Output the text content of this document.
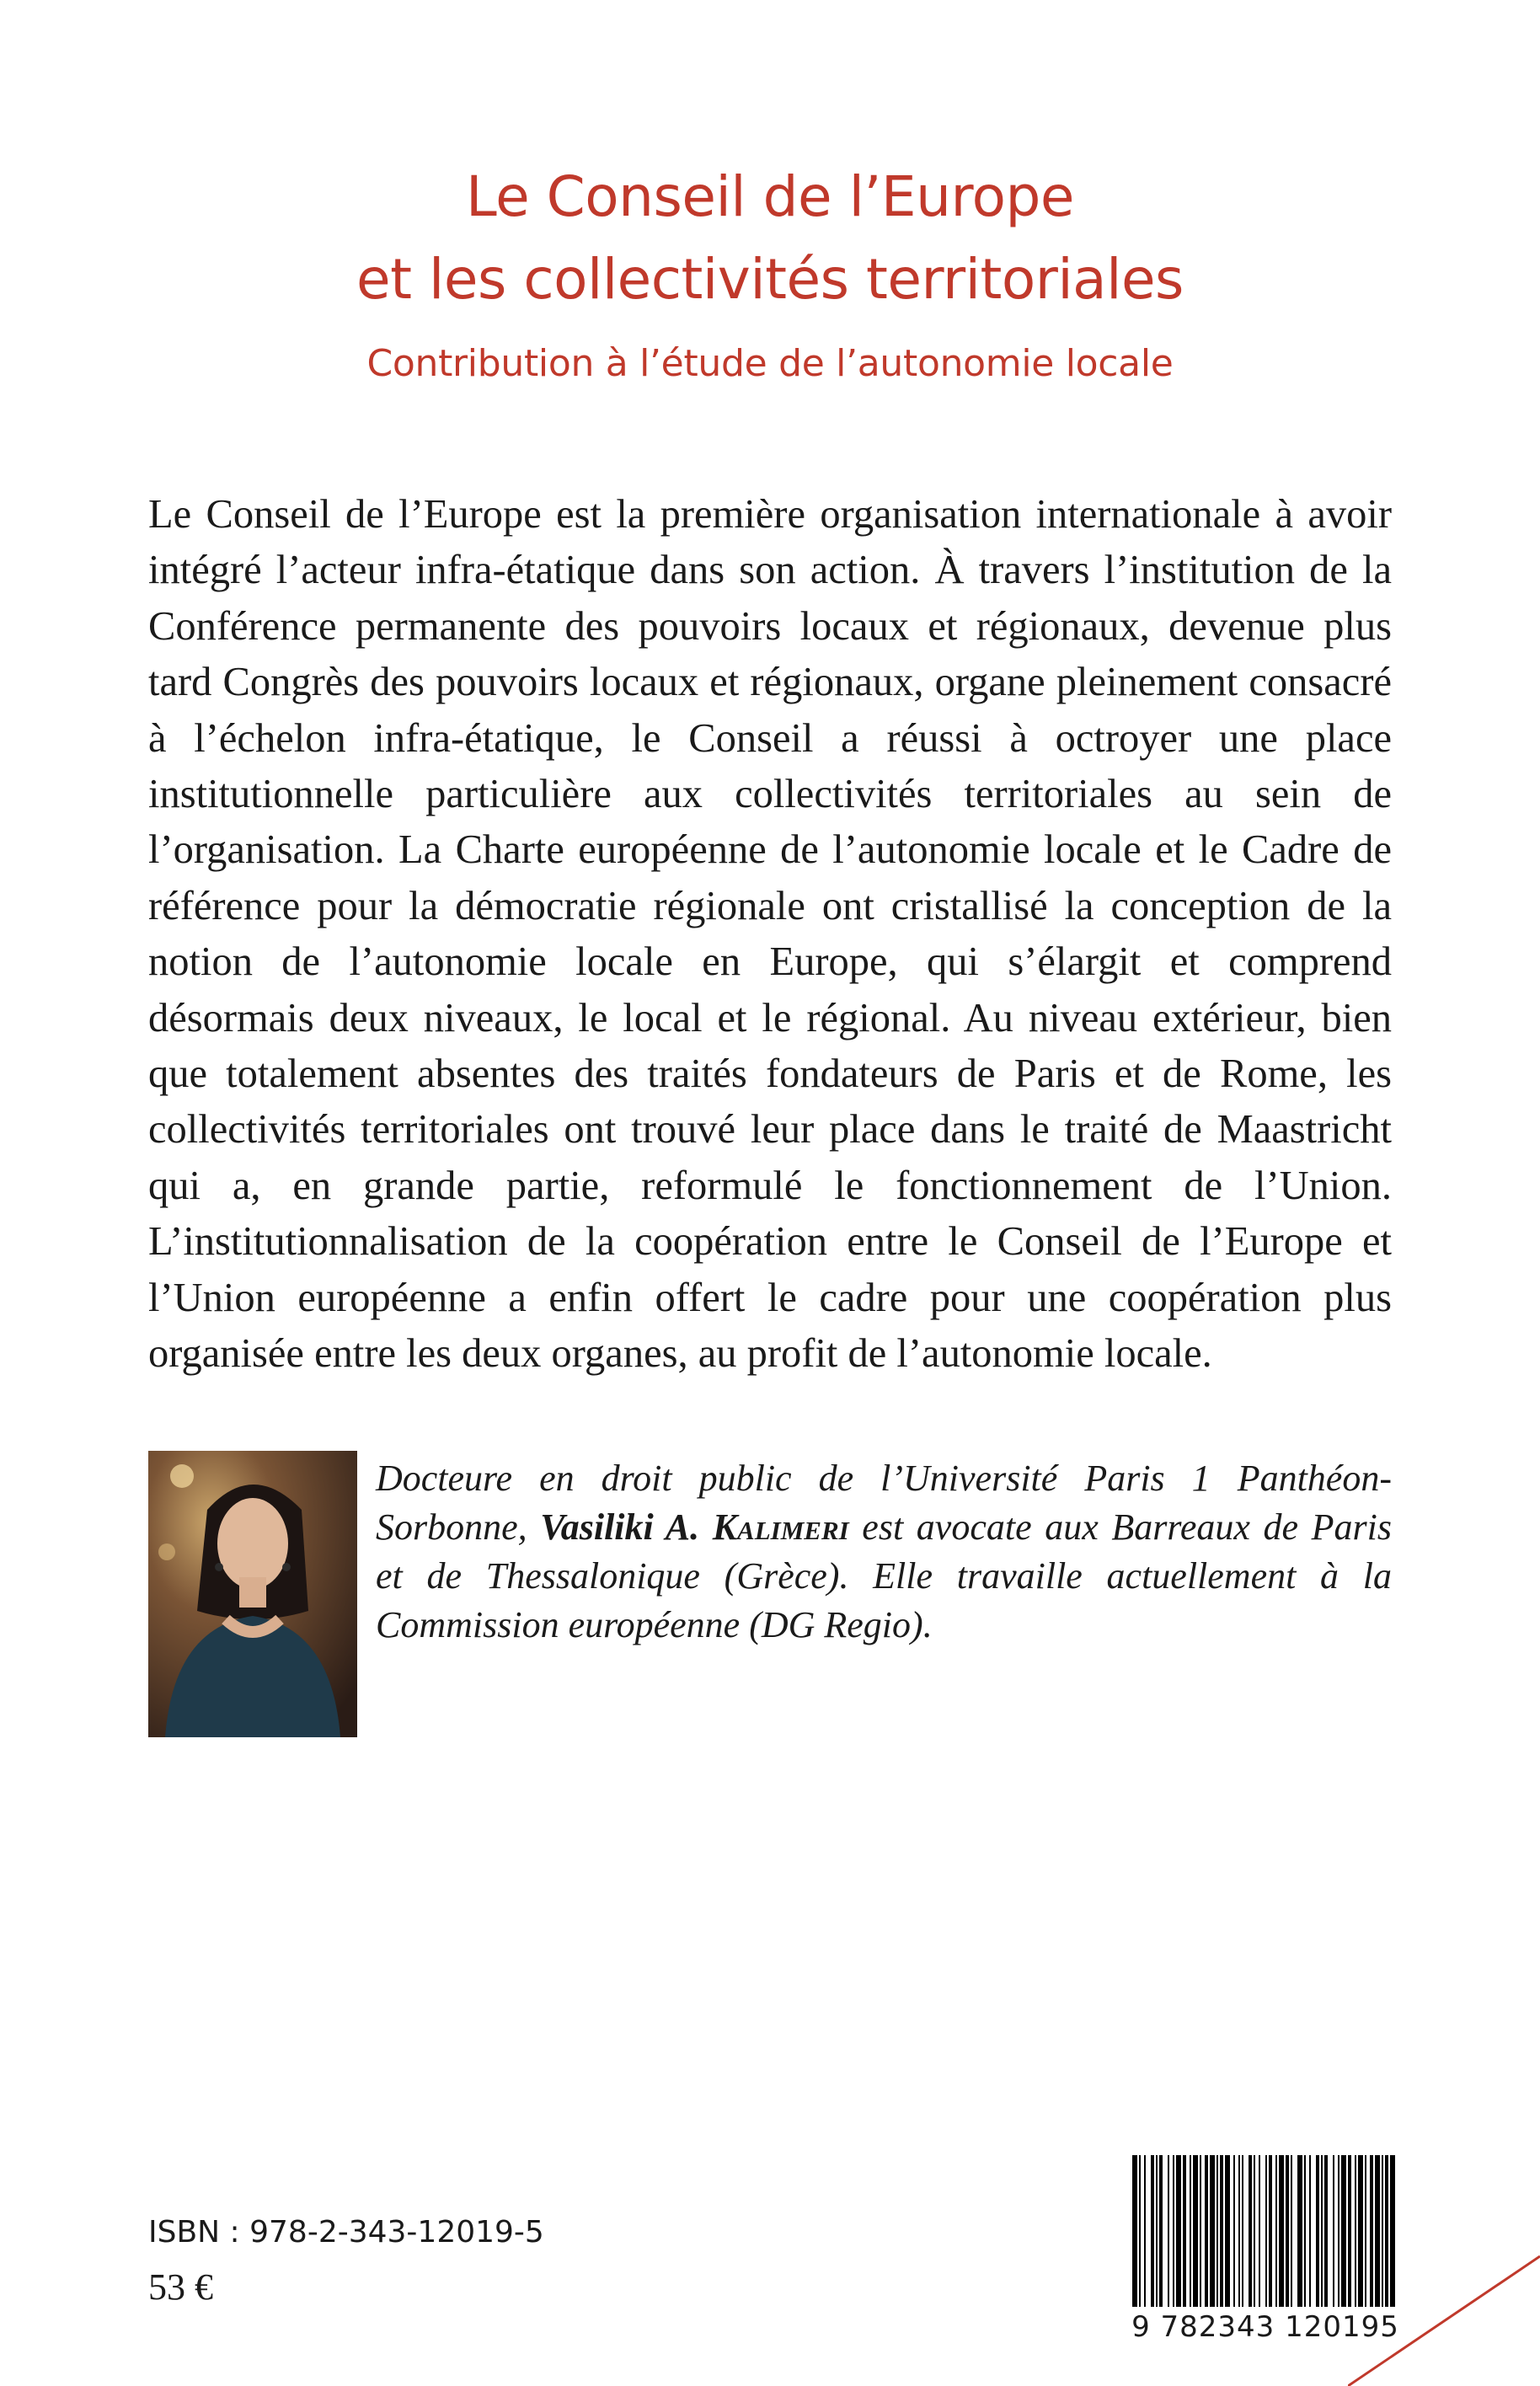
Le Conseil de l’Europe
et les collectivités territoriales
Contribution à l’étude de l’autonomie locale

Le Conseil de l’Europe est la première organisation internationale à avoir intégré l’acteur infra-étatique dans son action. À travers l’institution de la Conférence permanente des pouvoirs locaux et régionaux, devenue plus tard Congrès des pouvoirs locaux et régionaux, organe pleinement consacré à l’échelon infra-étatique, le Conseil a réussi à octroyer une place institutionnelle particulière aux collectivités territoriales au sein de l’organisation. La Charte européenne de l’autonomie locale et le Cadre de référence pour la démocratie régionale ont cristallisé la conception de la notion de l’autonomie locale en Europe, qui s’élargit et comprend désormais deux niveaux, le local et le régional. Au niveau extérieur, bien que totalement absentes des traités fondateurs de Paris et de Rome, les collectivités territoriales ont trouvé leur place dans le traité de Maastricht qui a, en grande partie, reformulé le fonctionnement de l’Union. L’institutionnalisation de la coopération entre le Conseil de l’Europe et l’Union européenne a enfin offert le cadre pour une coopération plus organisée entre les deux organes, au profit de l’autonomie locale.

Docteure en droit public de l’Université Paris 1 Panthéon-Sorbonne, Vasiliki A. Kalimeri est avocate aux Barreaux de Paris et de Thessalonique (Grèce). Elle travaille actuellement à la Commission européenne (DG Regio).

ISBN : 978-2-343-12019-5
53 €
9 782343 120195
